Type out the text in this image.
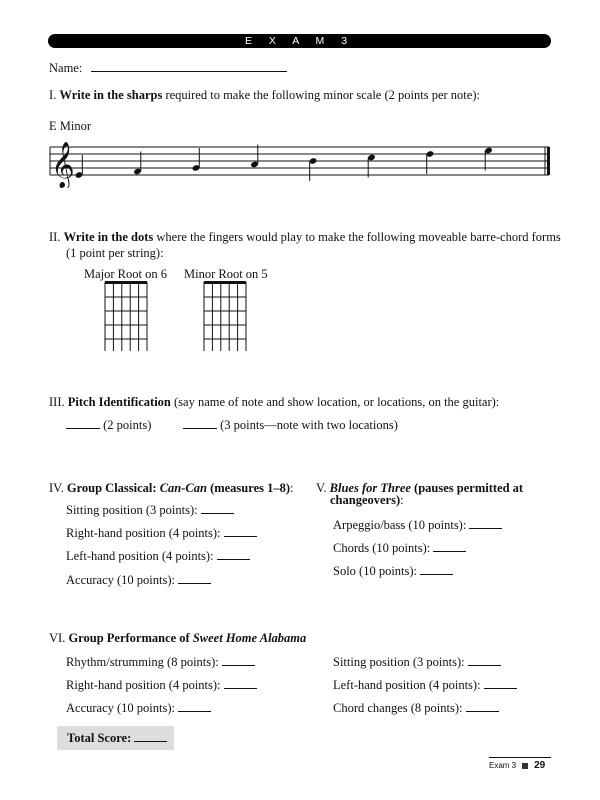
E X A M 3
Name:
I. Write in the sharps required to make the following minor scale (2 points per note):
E Minor
𝄞
II. Write in the dots where the fingers would play to make the following moveable barre-chord forms
(1 point per string):
Major Root on 6 Minor Root on 5
III. Pitch Identification (say name of note and show location, or locations, on the guitar):
(2 points)	(3 points—note with two locations)
IV. Group Classical: Can-Can (measures 1–8):
Sitting position (3 points):
Right-hand position (4 points):
Left-hand position (4 points):
Accuracy (10 points):
V. Blues for Three (pauses permitted at
changeovers):
Arpeggio/bass (10 points):
Chords (10 points):
Solo (10 points):
VI. Group Performance of Sweet Home Alabama
Rhythm/strumming (8 points):
Right-hand position (4 points):
Accuracy (10 points):
Sitting position (3 points):
Left-hand position (4 points):
Chord changes (8 points):
Total Score:
Exam 3 29
